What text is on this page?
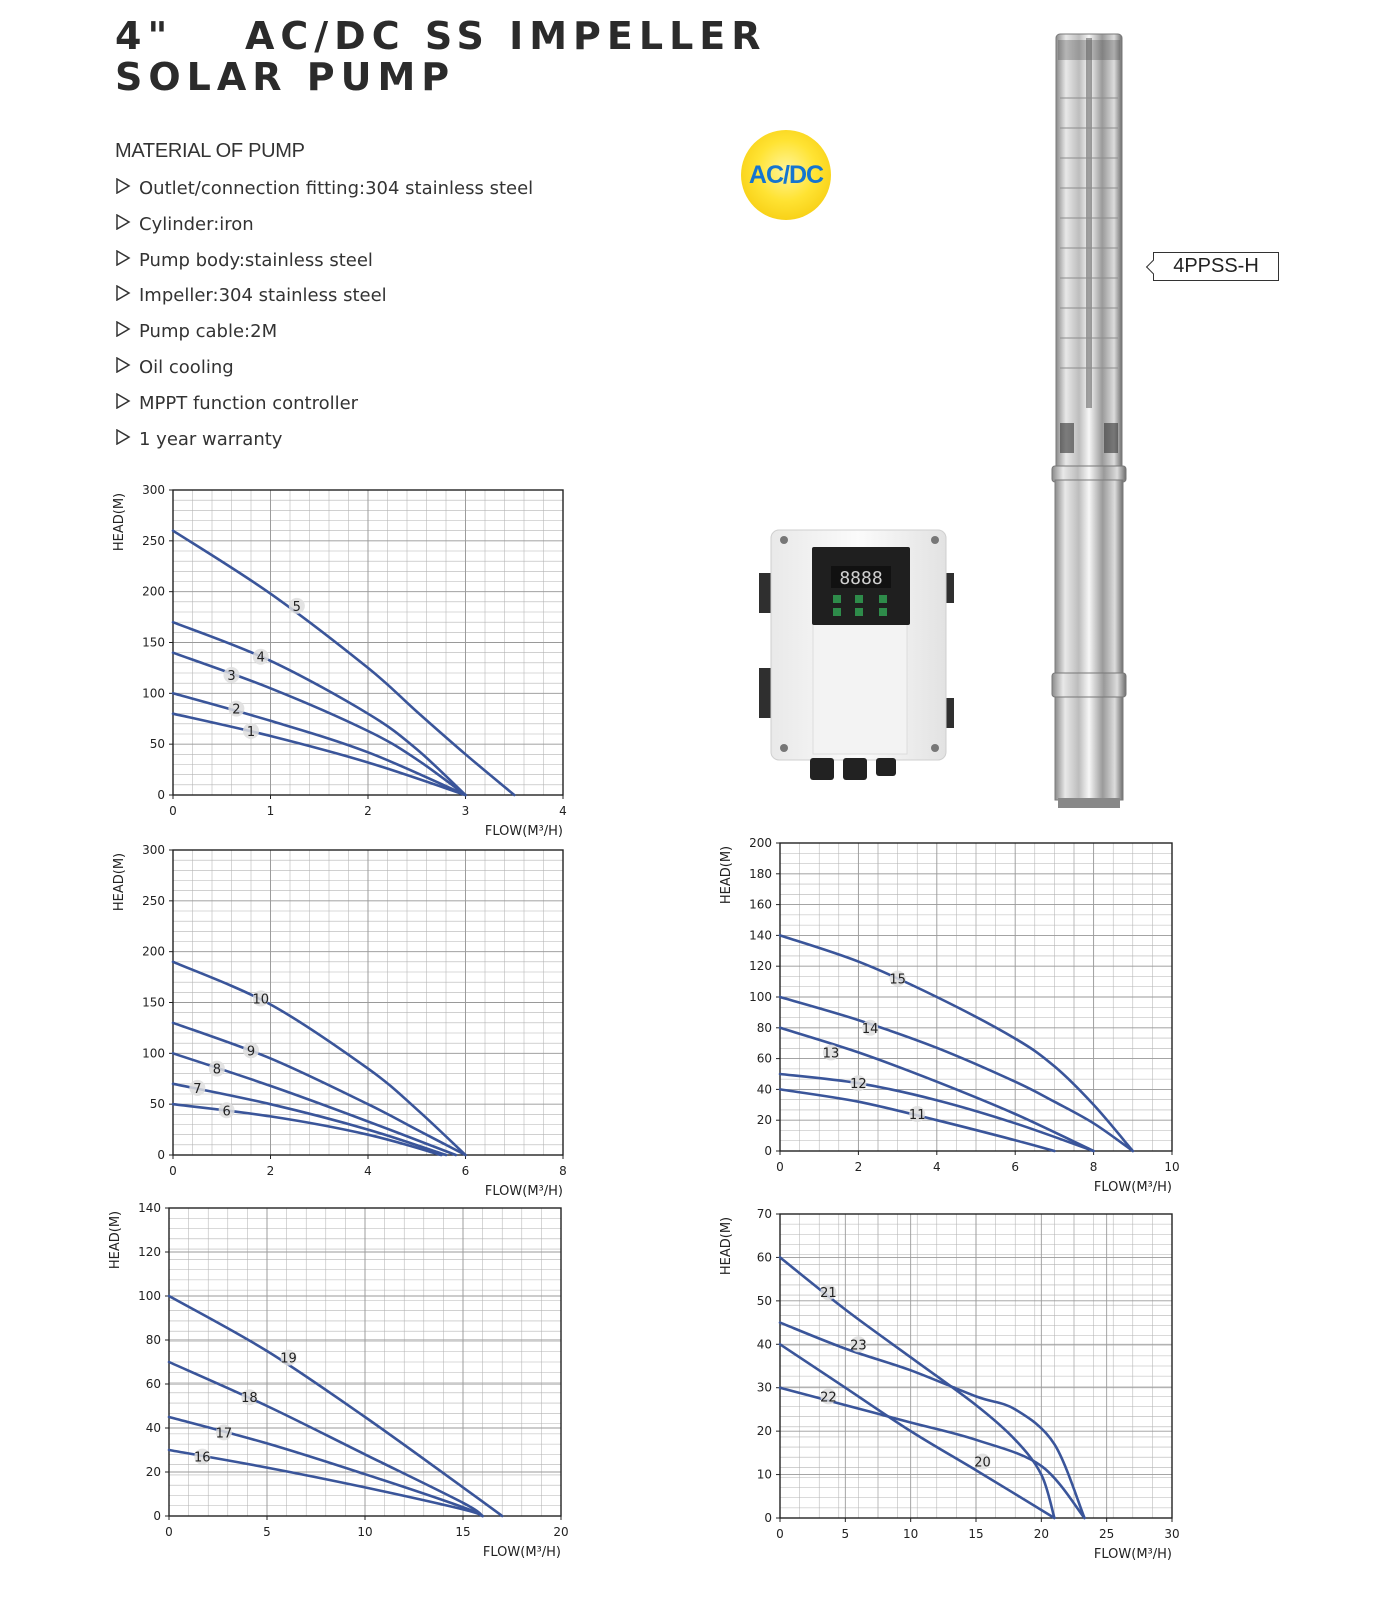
4"	AC/DC SS IMPELLER
SOLAR PUMP
MATERIAL OF PUMP
Outlet/connection fitting:304 stainless steel
Cylinder:iron
Pump body:stainless steel
Impeller:304 stainless steel
Pump cable:2M
Oil cooling
MPPT function controller
1 year warranty
AC/DC
8888
4PPSS-H
0
50
100
150
200
250
300
0	1	2	3	4
HEAD(M)
FLOW(M³/H)
1
2
3
4
5
0
50
100
150
200
250
300
0	2	4	6	8
HEAD(M)
FLOW(M³/H)
6
7
8
9
10
0
20
40
60
80
100
120
140
160
180
200
0	2	4	6	8	10
HEAD(M)
FLOW(M³/H)
11
12
13
14
15
0
20
40
60
80
100
120
140
0	5	10	15	20
HEAD(M)
FLOW(M³/H)
16
17
18
19
0
10
20
30
40
50
60
70
0	5	10	15	20	25	30
HEAD(M)
FLOW(M³/H)
20
21
22
23
